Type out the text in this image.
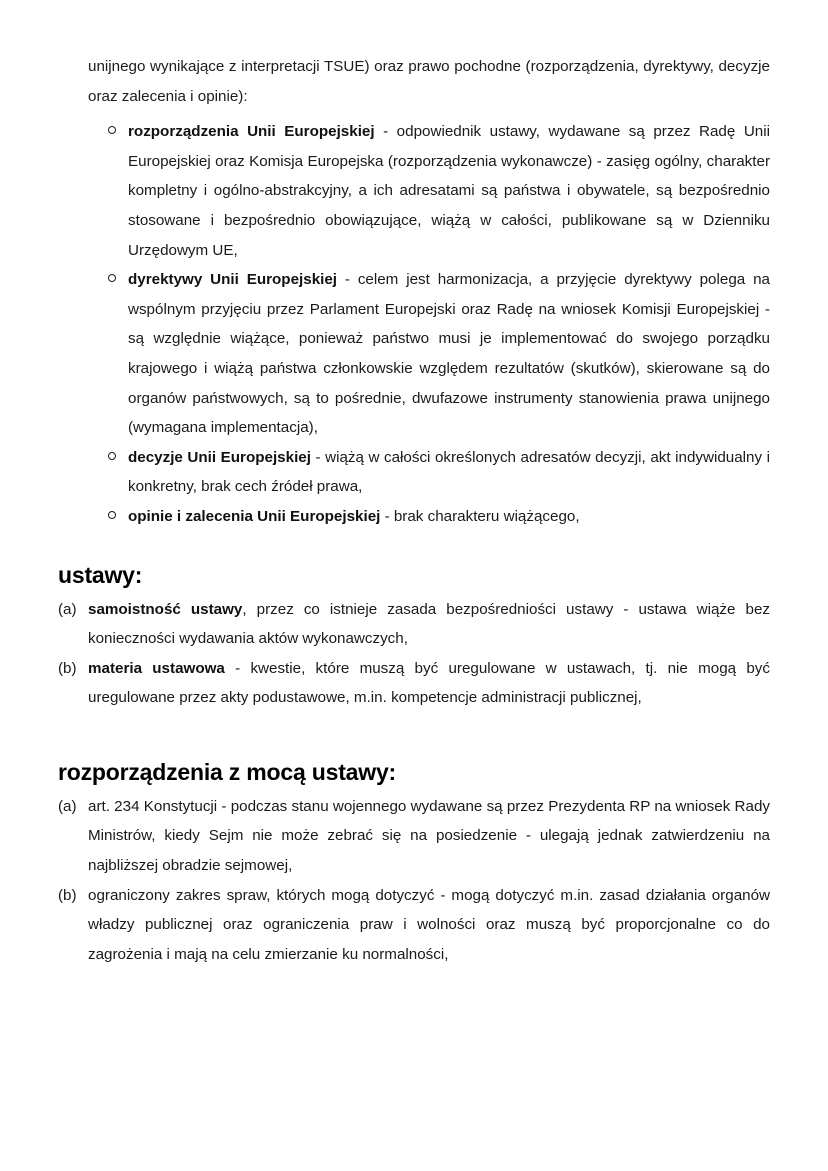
unijnego wynikające z interpretacji TSUE) oraz prawo pochodne (rozporządzenia, dyrektywy, decyzje oraz zalecenia i opinie):

rozporządzenia Unii Europejskiej - odpowiednik ustawy, wydawane są przez Radę Unii Europejskiej oraz Komisja Europejska (rozporządzenia wykonawcze) - zasięg ogólny, charakter kompletny i ogólno-abstrakcyjny, a ich adresatami są państwa i obywatele, są bezpośrednio stosowane i bezpośrednio obowiązujące, wiążą w całości, publikowane są w Dzienniku Urzędowym UE,
dyrektywy Unii Europejskiej - celem jest harmonizacja, a przyjęcie dyrektywy polega na wspólnym przyjęciu przez Parlament Europejski oraz Radę na wniosek Komisji Europejskiej - są względnie wiążące, ponieważ państwo musi je implementować do swojego porządku krajowego i wiążą państwa członkowskie względem rezultatów (skutków), skierowane są do organów państwowych, są to pośrednie, dwufazowe instrumenty stanowienia prawa unijnego (wymagana implementacja),
decyzje Unii Europejskiej - wiążą w całości określonych adresatów decyzji, akt indywidualny i konkretny, brak cech źródeł prawa,
opinie i zalecenia Unii Europejskiej - brak charakteru wiążącego,
ustawy:
(a) samoistność ustawy, przez co istnieje zasada bezpośredniości ustawy - ustawa wiąże bez konieczności wydawania aktów wykonawczych,
(b) materia ustawowa - kwestie, które muszą być uregulowane w ustawach, tj. nie mogą być uregulowane przez akty podustawowe, m.in. kompetencje administracji publicznej,
rozporządzenia z mocą ustawy:
(a) art. 234 Konstytucji - podczas stanu wojennego wydawane są przez Prezydenta RP na wniosek Rady Ministrów, kiedy Sejm nie może zebrać się na posiedzenie - ulegają jednak zatwierdzeniu na najbliższej obradzie sejmowej,
(b) ograniczony zakres spraw, których mogą dotyczyć - mogą dotyczyć m.in. zasad działania organów władzy publicznej oraz ograniczenia praw i wolności oraz muszą być proporcjonalne co do zagrożenia i mają na celu zmierzanie ku normalności,
